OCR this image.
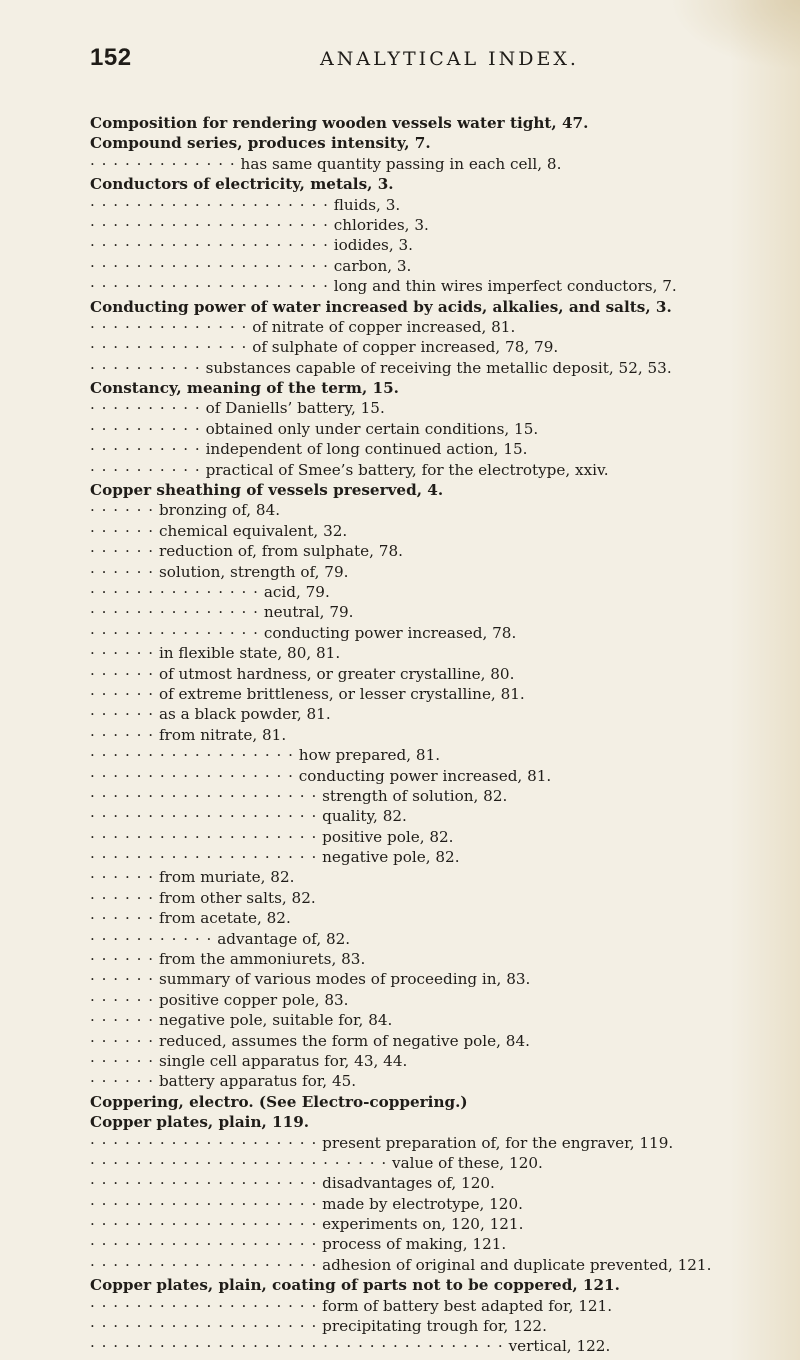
152	ANALYTICAL INDEX.
Composition for rendering wooden vessels water tight, 47.
Compound series, produces intensity, 7.
· · · · · · · · · · · · · has same quantity passing in each cell, 8.
Conductors of electricity, metals, 3.
· · · · · · · · · · · · · · · · · · · · · fluids, 3.
· · · · · · · · · · · · · · · · · · · · · chlorides, 3.
· · · · · · · · · · · · · · · · · · · · · iodides, 3.
· · · · · · · · · · · · · · · · · · · · · carbon, 3.
· · · · · · · · · · · · · · · · · · · · · long and thin wires imperfect conductors, 7.
Conducting power of water increased by acids, alkalies, and salts, 3.
· · · · · · · · · · · · · · of nitrate of copper increased, 81.
· · · · · · · · · · · · · · of sulphate of copper increased, 78, 79.
· · · · · · · · · · substances capable of receiving the metallic deposit, 52, 53.
Constancy, meaning of the term, 15.
· · · · · · · · · · of Daniells’ battery, 15.
· · · · · · · · · · obtained only under certain conditions, 15.
· · · · · · · · · · independent of long continued action, 15.
· · · · · · · · · · practical of Smee’s battery, for the electrotype, xxiv.
Copper sheathing of vessels preserved, 4.
· · · · · · bronzing of, 84.
· · · · · · chemical equivalent, 32.
· · · · · · reduction of, from sulphate, 78.
· · · · · · solution, strength of, 79.
· · · · · · · · · · · · · · · acid, 79.
· · · · · · · · · · · · · · · neutral, 79.
· · · · · · · · · · · · · · · conducting power increased, 78.
· · · · · · in flexible state, 80, 81.
· · · · · · of utmost hardness, or greater crystalline, 80.
· · · · · · of extreme brittleness, or lesser crystalline, 81.
· · · · · · as a black powder, 81.
· · · · · · from nitrate, 81.
· · · · · · · · · · · · · · · · · · how prepared, 81.
· · · · · · · · · · · · · · · · · · conducting power increased, 81.
· · · · · · · · · · · · · · · · · · · · strength of solution, 82.
· · · · · · · · · · · · · · · · · · · · quality, 82.
· · · · · · · · · · · · · · · · · · · · positive pole, 82.
· · · · · · · · · · · · · · · · · · · · negative pole, 82.
· · · · · · from muriate, 82.
· · · · · · from other salts, 82.
· · · · · · from acetate, 82.
· · · · · · · · · · · advantage of, 82.
· · · · · · from the ammoniurets, 83.
· · · · · · summary of various modes of proceeding in, 83.
· · · · · · positive copper pole, 83.
· · · · · · negative pole, suitable for, 84.
· · · · · · reduced, assumes the form of negative pole, 84.
· · · · · · single cell apparatus for, 43, 44.
· · · · · · battery apparatus for, 45.
Coppering, electro. (See Electro-coppering.)
Copper plates, plain, 119.
· · · · · · · · · · · · · · · · · · · · present preparation of, for the engraver, 119.
· · · · · · · · · · · · · · · · · · · · · · · · · · value of these, 120.
· · · · · · · · · · · · · · · · · · · · disadvantages of, 120.
· · · · · · · · · · · · · · · · · · · · made by electrotype, 120.
· · · · · · · · · · · · · · · · · · · · experiments on, 120, 121.
· · · · · · · · · · · · · · · · · · · · process of making, 121.
· · · · · · · · · · · · · · · · · · · · adhesion of original and duplicate prevented, 121.
Copper plates, plain, coating of parts not to be coppered, 121.
· · · · · · · · · · · · · · · · · · · · form of battery best adapted for, 121.
· · · · · · · · · · · · · · · · · · · · precipitating trough for, 122.
· · · · · · · · · · · · · · · · · · · · · · · · · · · · · · · · · · · · vertical, 122.
